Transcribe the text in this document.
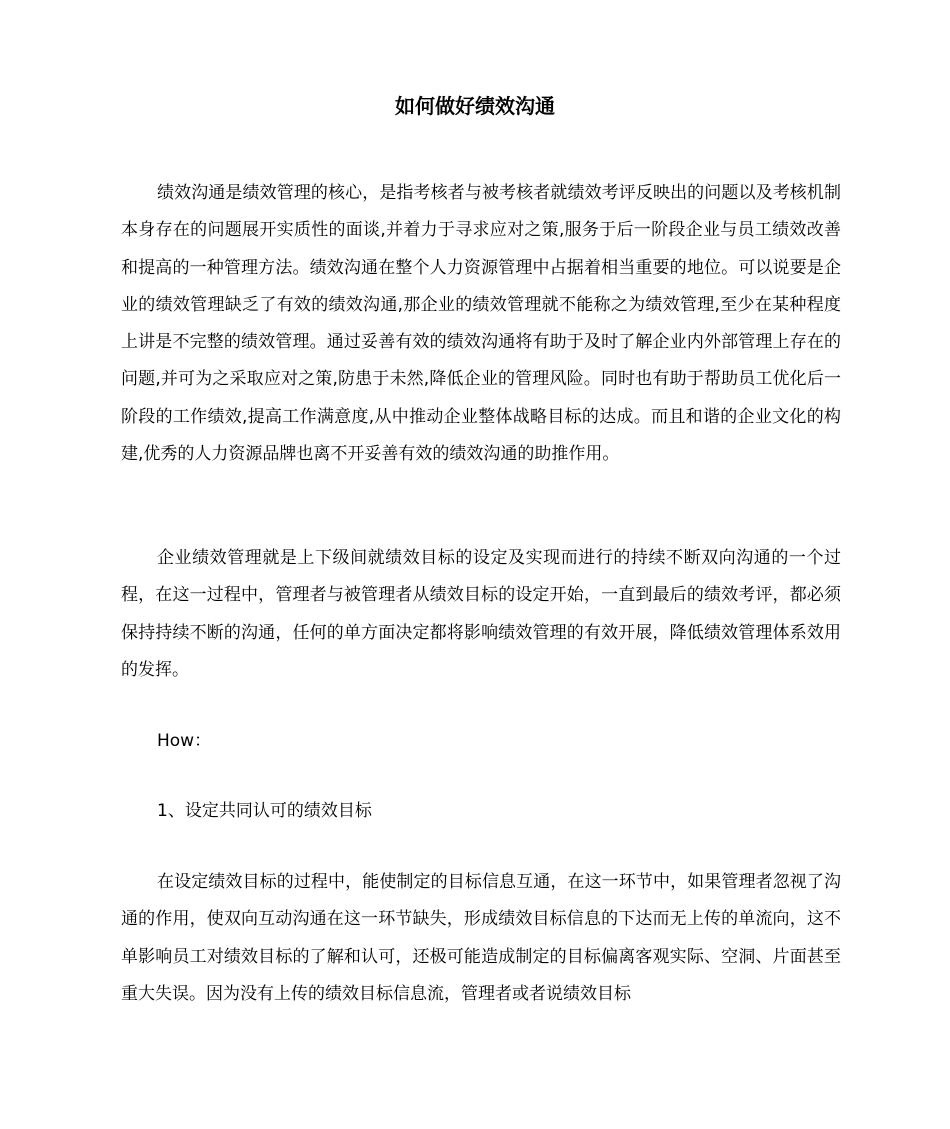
如何做好绩效沟通

绩效沟通是绩效管理的核心，是指考核者与被考核者就绩效考评反映出的问题以及考核机制本身存在的问题展开实质性的面谈,并着力于寻求应对之策,服务于后一阶段企业与员工绩效改善和提高的一种管理方法。绩效沟通在整个人力资源管理中占据着相当重要的地位。可以说要是企业的绩效管理缺乏了有效的绩效沟通,那企业的绩效管理就不能称之为绩效管理,至少在某种程度上讲是不完整的绩效管理。通过妥善有效的绩效沟通将有助于及时了解企业内外部管理上存在的问题,并可为之采取应对之策,防患于未然,降低企业的管理风险。同时也有助于帮助员工优化后一阶段的工作绩效,提高工作满意度,从中推动企业整体战略目标的达成。而且和谐的企业文化的构建,优秀的人力资源品牌也离不开妥善有效的绩效沟通的助推作用。

企业绩效管理就是上下级间就绩效目标的设定及实现而进行的持续不断双向沟通的一个过程，在这一过程中，管理者与被管理者从绩效目标的设定开始，一直到最后的绩效考评，都必须保持持续不断的沟通，任何的单方面决定都将影响绩效管理的有效开展，降低绩效管理体系效用的发挥。

How：

1、设定共同认可的绩效目标

在设定绩效目标的过程中，能使制定的目标信息互通，在这一环节中，如果管理者忽视了沟通的作用，使双向互动沟通在这一环节缺失，形成绩效目标信息的下达而无上传的单流向，这不单影响员工对绩效目标的了解和认可，还极可能造成制定的目标偏离客观实际、空洞、片面甚至重大失误。因为没有上传的绩效目标信息流，管理者或者说绩效目标
